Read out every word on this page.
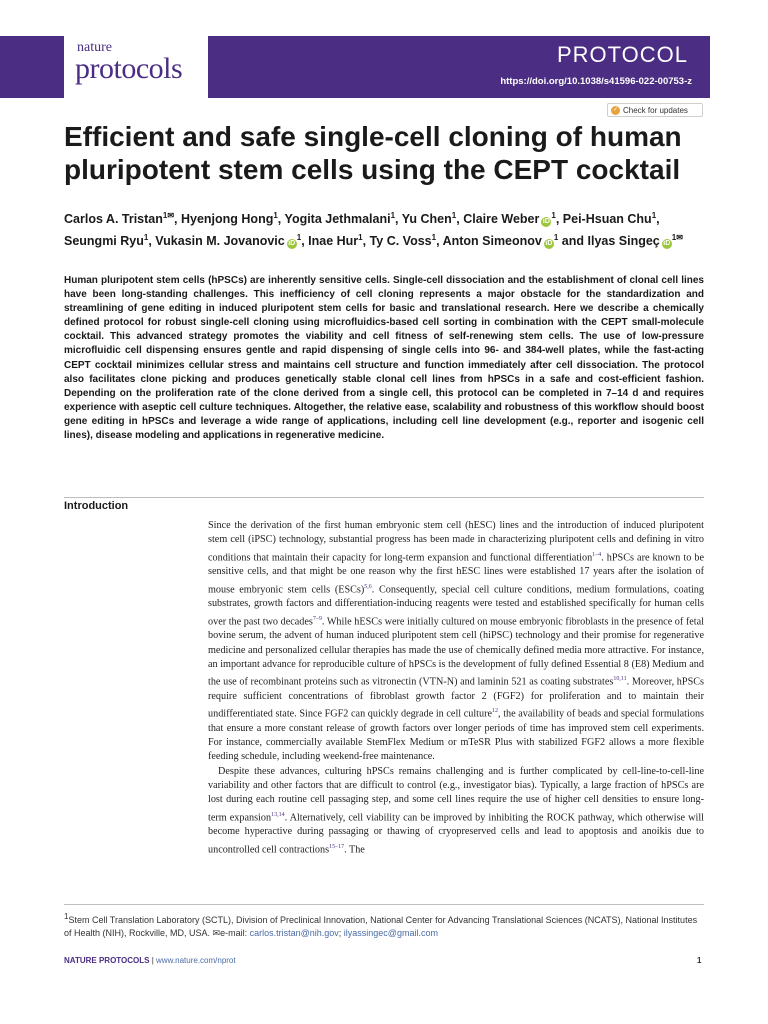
nature
protocols	PROTOCOL
https://doi.org/10.1038/s41596-022-00753-z
✓ Check for updates
Efficient and safe single-cell cloning of human pluripotent stem cells using the CEPT cocktail
Carlos A. Tristan$^{1✉}$, Hyenjong Hong$^1$, Yogita Jethmalani$^1$, Yu Chen$^1$, Claire Weber $iD^1$, Pei-Hsuan Chu$^1$, Seungmi Ryu$^1$, Vukasin M. Jovanovic $iD^1$, Inae Hur$^1$, Ty C. Voss$^1$, Anton Simeonov $iD^1$ and Ilyas Singeç $iD^{1✉}$

Human pluripotent stem cells (hPSCs) are inherently sensitive cells. Single-cell dissociation and the establishment of clonal cell lines have been long-standing challenges. This inefficiency of cell cloning represents a major obstacle for the standardization and streamlining of gene editing in induced pluripotent stem cells for basic and translational research. Here we describe a chemically defined protocol for robust single-cell cloning using microfluidics-based cell sorting in combination with the CEPT small-molecule cocktail. This advanced strategy promotes the viability and cell fitness of self-renewing stem cells. The use of low-pressure microfluidic cell dispensing ensures gentle and rapid dispensing of single cells into 96- and 384-well plates, while the fast-acting CEPT cocktail minimizes cellular stress and maintains cell structure and function immediately after cell dissociation. The protocol also facilitates clone picking and produces genetically stable clonal cell lines from hPSCs in a safe and cost-efficient fashion. Depending on the proliferation rate of the clone derived from a single cell, this protocol can be completed in 7–14 d and requires experience with aseptic cell culture techniques. Altogether, the relative ease, scalability and robustness of this workflow should boost gene editing in hPSCs and leverage a wide range of applications, including cell line development (e.g., reporter and isogenic cell lines), disease modeling and applications in regenerative medicine.

Introduction

Since the derivation of the first human embryonic stem cell (hESC) lines and the introduction of induced pluripotent stem cell (iPSC) technology, substantial progress has been made in characterizing pluripotent cells and defining in vitro conditions that maintain their capacity for long-term expansion and functional differentiation$^{1-4}$. hPSCs are known to be sensitive cells, and that might be one reason why the first hESC lines were established 17 years after the isolation of mouse embryonic stem cells (ESCs)$^{5,6}$. Consequently, special cell culture conditions, medium formulations, coating substrates, growth factors and differentiation-inducing reagents were tested and established specifically for human cells over the past two decades$^{7-9}$. While hESCs were initially cultured on mouse embryonic fibroblasts in the presence of fetal bovine serum, the advent of human induced pluripotent stem cell (hiPSC) technology and their promise for regenerative medicine and personalized cellular therapies has made the use of chemically defined media more attractive. For instance, an important advance for reproducible culture of hPSCs is the development of fully defined Essential 8 (E8) Medium and the use of recombinant proteins such as vitronectin (VTN-N) and laminin 521 as coating substrates$^{10,11}$. Moreover, hPSCs require sufficient concentrations of fibroblast growth factor 2 (FGF2) for proliferation and to maintain their undifferentiated state. Since FGF2 can quickly degrade in cell culture$^{12}$, the availability of beads and special formulations that ensure a more constant release of growth factors over longer periods of time has improved stem cell experiments. For instance, commercially available StemFlex Medium or mTeSR Plus with stabilized FGF2 allows a more flexible feeding schedule, including weekend-free maintenance.

Despite these advances, culturing hPSCs remains challenging and is further complicated by cell-line-to-cell-line variability and other factors that are difficult to control (e.g., investigator bias). Typically, a large fraction of hPSCs are lost during each routine cell passaging step, and some cell lines require the use of higher cell densities to ensure long-term expansion$^{13,14}$. Alternatively, cell viability can be improved by inhibiting the ROCK pathway, which otherwise will become hyperactive during passaging or thawing of cryopreserved cells and lead to apoptosis and anoikis due to uncontrolled cell contractions$^{15-17}$. The

$^1$Stem Cell Translation Laboratory (SCTL), Division of Preclinical Innovation, National Center for Advancing Translational Sciences (NCATS), National Institutes of Health (NIH), Rockville, MD, USA. ✉e-mail: carlos.tristan@nih.gov; ilyassingec@gmail.com
NATURE PROTOCOLS | www.nature.com/nprot	1
